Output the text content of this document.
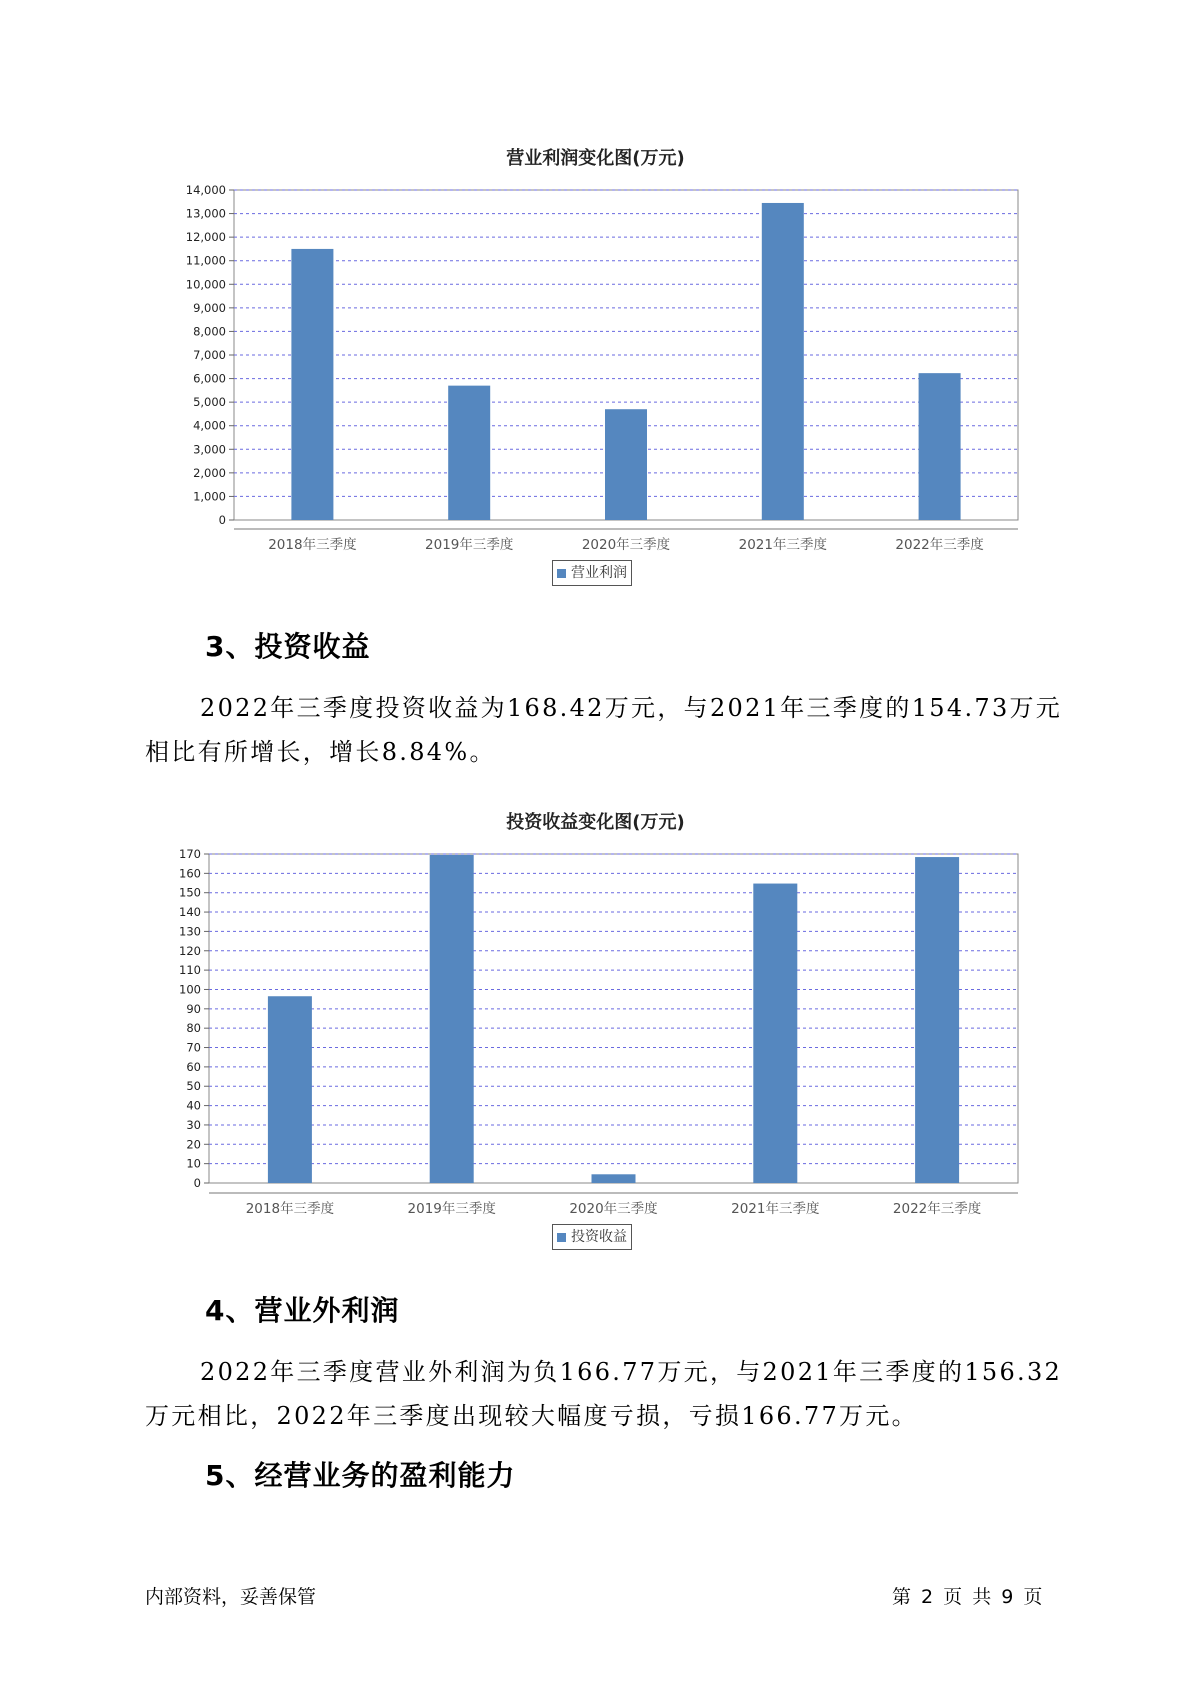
营业利润变化图(万元)
0
1,000
2,000
3,000
4,000
5,000
6,000
7,000
8,000
9,000
10,000
11,000
12,000
13,000
14,000
2018年三季度	2019年三季度	2020年三季度	2021年三季度	2022年三季度
营业利润
3、投资收益
2022年三季度投资收益为168.42万元，与2021年三季度的154.73万元
相比有所增长，增长8.84%。
投资收益变化图(万元)
0
10
20
30
40
50
60
70
80
90
100
110
120
130
140
150
160
170
2018年三季度	2019年三季度	2020年三季度	2021年三季度	2022年三季度
投资收益
4、营业外利润
2022年三季度营业外利润为负166.77万元，与2021年三季度的156.32
万元相比，2022年三季度出现较大幅度亏损，亏损166.77万元。
5、经营业务的盈利能力
内部资料，妥善保管	第 2 页 共 9 页
